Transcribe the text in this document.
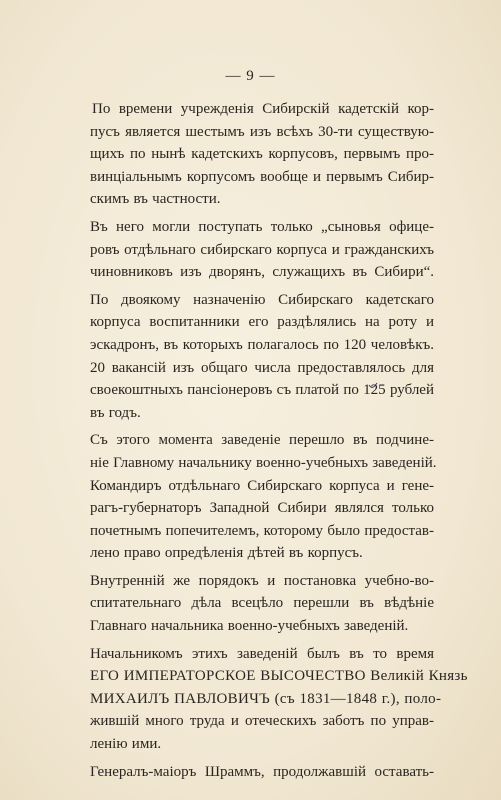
— 9 —
По времени учрежденія Сибирскій кадетскій кор-
пусъ является шестымъ изъ всѣхъ 30-ти существую-
щихъ по нынѣ кадетскихъ корпусовъ, первымъ про-
винціальнымъ корпусомъ вообще и первымъ Сибир-
скимъ въ частности.
Въ него могли поступать только „сыновья офице-
ровъ отдѣльнаго сибирскаго корпуса и гражданскихъ
чиновниковъ изъ дворянъ, служащихъ въ Сибири“.
По двоякому назначенію Сибирскаго кадетскаго
корпуса воспитанники его раздѣлялись на роту и
эскадронъ, въ которыхъ полагалось по 120 человѣкъ.
20 вакансій изъ общаго числа предоставлялось для
своекоштныхъ пансіонеровъ съ платой по 125 рублей
въ годъ.
Съ этого момента заведеніе перешло въ подчине-
ніе Главному начальнику военно-учебныхъ заведеній.
Командиръ отдѣльнаго Сибирскаго корпуса и гене-
рагъ-губернаторъ Западной Сибири являлся только
почетнымъ попечителемъ, которому было предостав-
лено право опредѣленія дѣтей въ корпусъ.
Внутренній же порядокъ и постановка учебно-во-
спитательнаго дѣла всецѣло перешли въ вѣдѣніе
Главнаго начальника военно-учебныхъ заведеній.
Начальникомъ этихъ заведеній былъ въ то время
ЕГО ИМПЕРАТОРСКОЕ ВЫСОЧЕСТВО Великій Князь
МИХАИЛЪ ПАВЛОВИЧЪ (съ 1831—1848 г.), поло-
жившій много труда и отеческихъ заботъ по управ-
ленію ими.
Генералъ-маіоръ Шраммъ, продолжавшій оставать-
